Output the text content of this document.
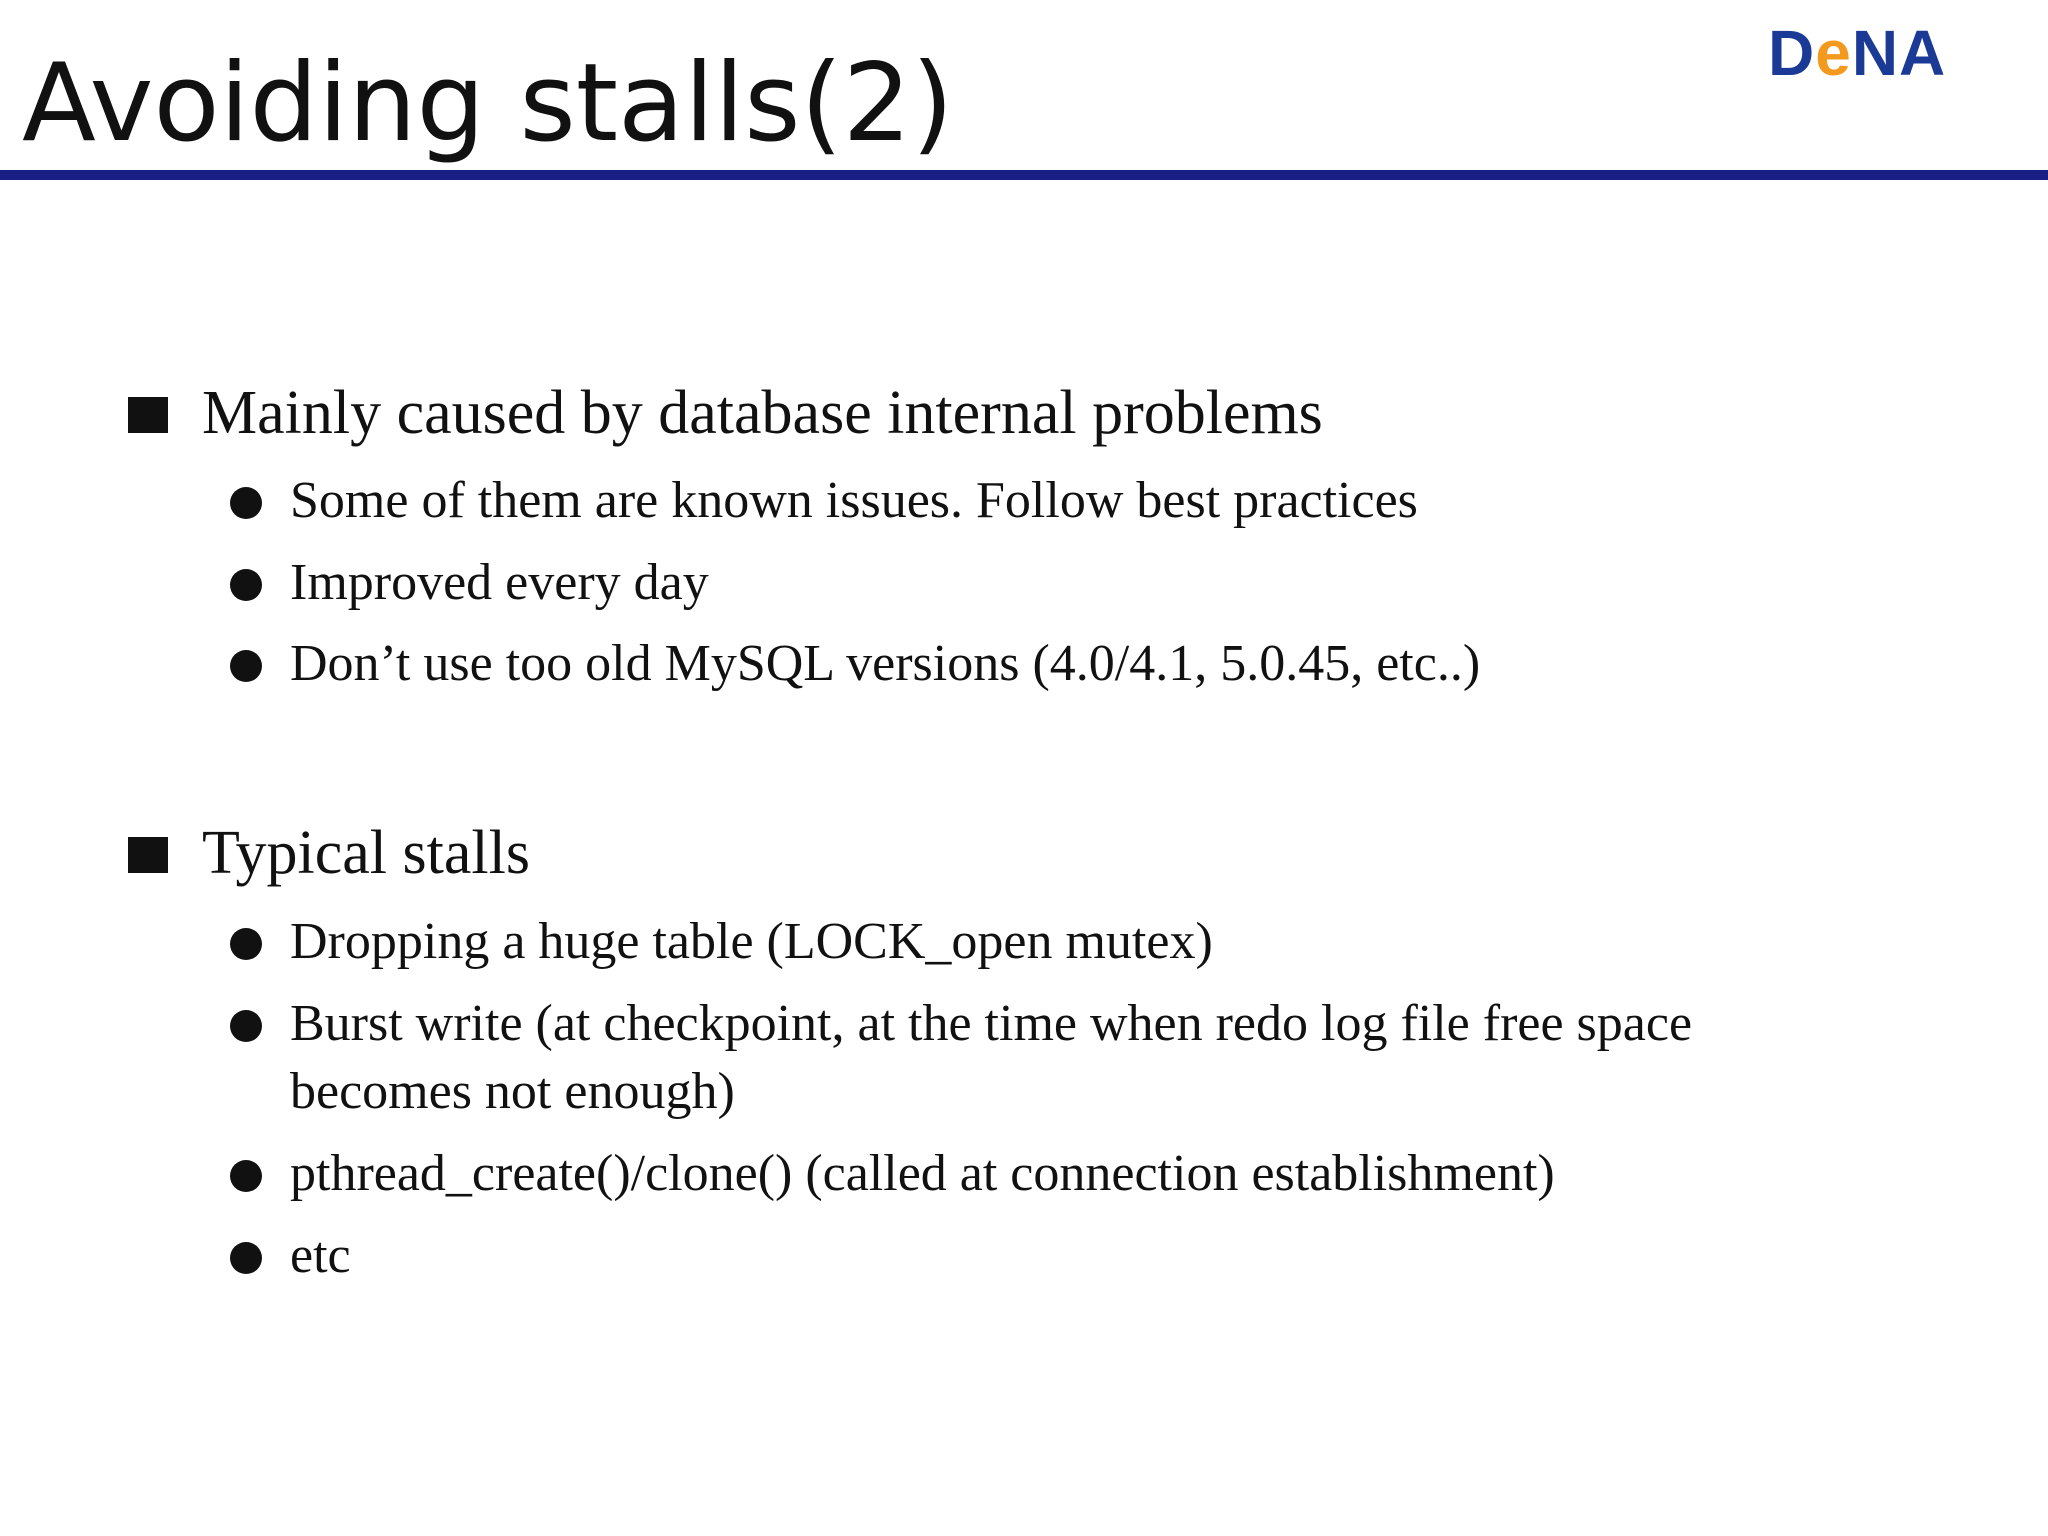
Avoiding stalls(2)	DeNA
Mainly caused by database internal problems
Some of them are known issues. Follow best practices
Improved every day
Don’t use too old MySQL versions (4.0/4.1, 5.0.45, etc..)
Typical stalls
Dropping a huge table (LOCK_open mutex)
Burst write (at checkpoint, at the time when redo log file free space
becomes not enough)
pthread_create()/clone() (called at connection establishment)
etc
